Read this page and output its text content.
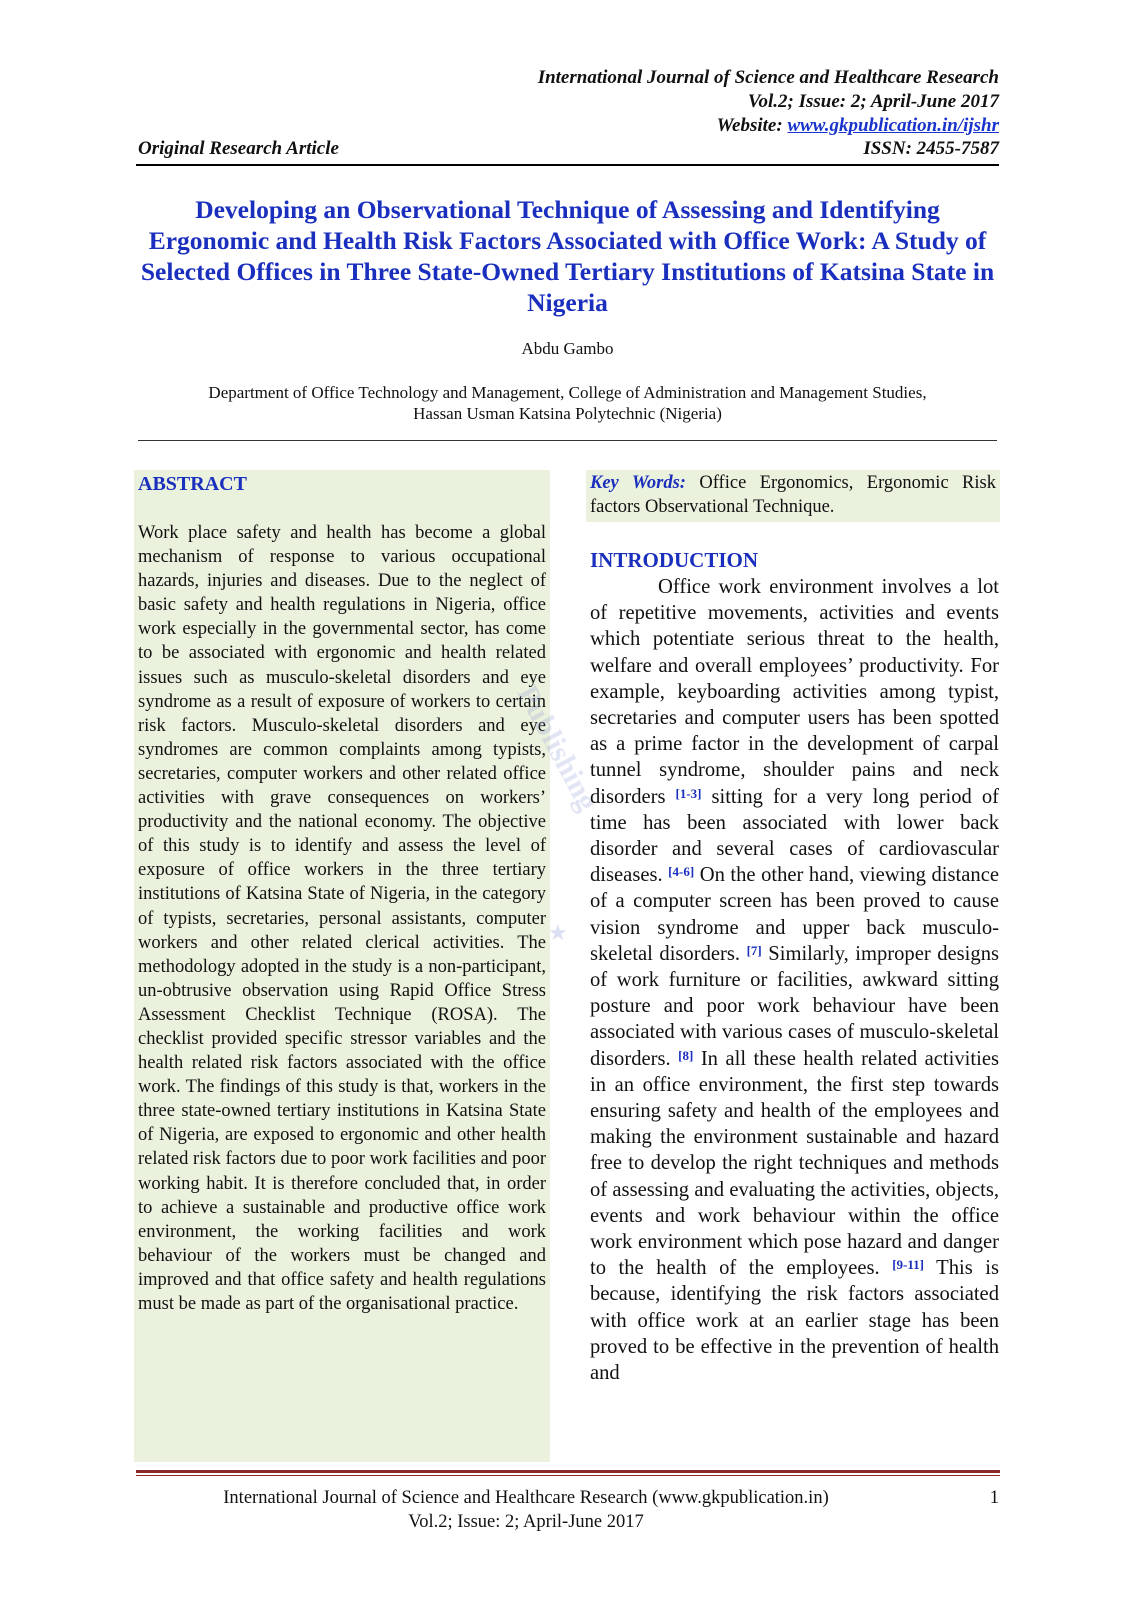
International Journal of Science and Healthcare Research
Vol.2; Issue: 2; April-June 2017
Website: www.gkpublication.in/ijshr
Original Research Article	ISSN: 2455-7587
Developing an Observational Technique of Assessing and Identifying Ergonomic and Health Risk Factors Associated with Office Work: A Study of Selected Offices in Three State-Owned Tertiary Institutions of Katsina State in Nigeria
Abdu Gambo
Department of Office Technology and Management, College of Administration and Management Studies,
Hassan Usman Katsina Polytechnic (Nigeria)
ABSTRACT

Work place safety and health has become a global mechanism of response to various occupational hazards, injuries and diseases. Due to the neglect of basic safety and health regulations in Nigeria, office work especially in the governmental sector, has come to be associated with ergonomic and health related issues such as musculo-skeletal disorders and eye syndrome as a result of exposure of workers to certain risk factors. Musculo-skeletal disorders and eye syndromes are common complaints among typists, secretaries, computer workers and other related office activities with grave consequences on workers’ productivity and the national economy. The objective of this study is to identify and assess the level of exposure of office workers in the three tertiary institutions of Katsina State of Nigeria, in the category of typists, secretaries, personal assistants, computer workers and other related clerical activities. The methodology adopted in the study is a non-participant, un-obtrusive observation using Rapid Office Stress Assessment Checklist Technique (ROSA). The checklist provided specific stressor variables and the health related risk factors associated with the office work. The findings of this study is that, workers in the three state-owned tertiary institutions in Katsina State of Nigeria, are exposed to ergonomic and other health related risk factors due to poor work facilities and poor working habit. It is therefore concluded that, in order to achieve a sustainable and productive office work environment, the working facilities and work behaviour of the workers must be changed and improved and that office safety and health regulations must be made as part of the organisational practice.

Publishing
★

Key Words: Office Ergonomics, Ergonomic Risk factors Observational Technique.

INTRODUCTION

Office work environment involves a lot of repetitive movements, activities and events which potentiate serious threat to the health, welfare and overall employees’ productivity. For example, keyboarding activities among typist, secretaries and computer users has been spotted as a prime factor in the development of carpal tunnel syndrome, shoulder pains and neck disorders [1-3] sitting for a very long period of time has been associated with lower back disorder and several cases of cardiovascular diseases. [4-6] On the other hand, viewing distance of a computer screen has been proved to cause vision syndrome and upper back musculo-skeletal disorders. [7] Similarly, improper designs of work furniture or facilities, awkward sitting posture and poor work behaviour have been associated with various cases of musculo-skeletal disorders. [8] In all these health related activities in an office environment, the first step towards ensuring safety and health of the employees and making the environment sustainable and hazard free to develop the right techniques and methods of assessing and evaluating the activities, objects, events and work behaviour within the office work environment which pose hazard and danger to the health of the employees. [9-11] This is because, identifying the risk factors associated with office work at an earlier stage has been proved to be effective in the prevention of health and

International Journal of Science and Healthcare Research (www.gkpublication.in)	1
Vol.2; Issue: 2; April-June 2017
